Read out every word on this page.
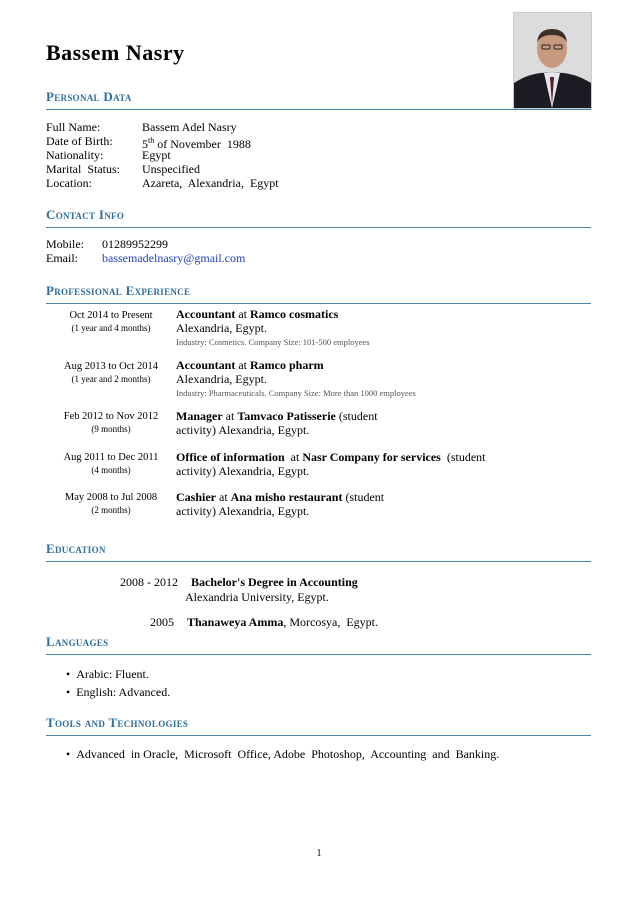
Bassem Nasry
Personal Data
Full Name:	Bassem Adel Nasry
Date of Birth: 5th of November  1988
Nationality:	Egypt
Marital  Status: Unspecified
Location:	Azareta,  Alexandria,  Egypt
Contact Info
Mobile: 01289952299
Email: bassemadelnasry@gmail.com
Professional Experience
Oct 2014 to Present
(1 year and 4 months)
Accountant at Ramco cosmatics
Alexandria, Egypt.
Industry: Cosmetics. Company Size: 101-500 employees
Aug 2013 to Oct 2014
(1 year and 2 months)
Accountant at Ramco pharm
Alexandria, Egypt.
Industry: Pharmaceuticals. Company Size: More than 1000 employees
Feb 2012 to Nov 2012
(9 months)
Manager at Tamvaco Patisserie (student
activity) Alexandria, Egypt.
Aug 2011 to Dec 2011
(4 months)
Office of information  at Nasr Company for services  (student
activity) Alexandria, Egypt.
May 2008 to Jul 2008
(2 months)
Cashier at Ana misho restaurant (student
activity) Alexandria, Egypt.
Education
2008 - 2012 Bachelor's Degree in Accounting
Alexandria University, Egypt.
2005 Thanaweya Amma, Morcosya,  Egypt.
Languages
•  Arabic: Fluent.
•  English: Advanced.
Tools and Technologies
•  Advanced  in Oracle,  Microsoft  Office, Adobe  Photoshop,  Accounting  and  Banking.
1
